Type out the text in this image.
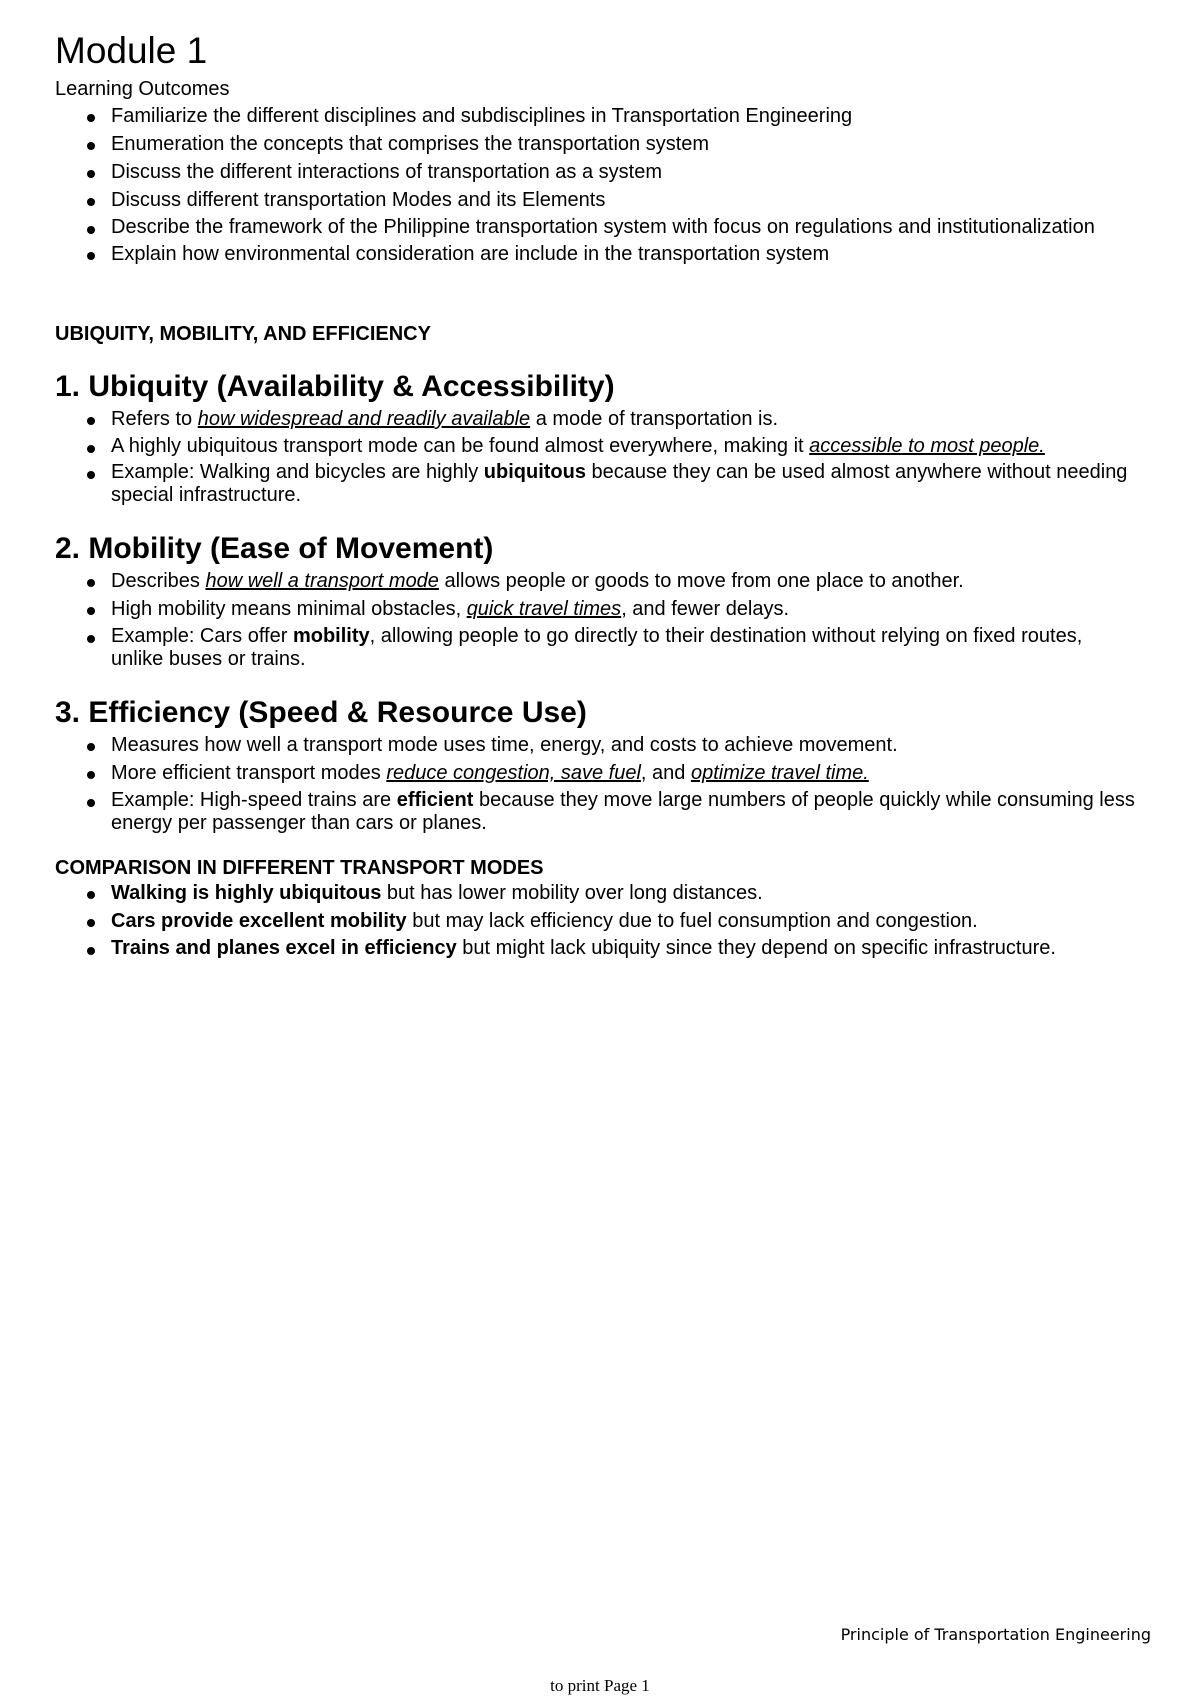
Module 1

Learning Outcomes

Familiarize the different disciplines and subdisciplines in Transportation Engineering
Enumeration the concepts that comprises the transportation system
Discuss the different interactions of transportation as a system
Discuss different transportation Modes and its Elements
Describe the framework of the Philippine transportation system with focus on regulations and institutionalization
Explain how environmental consideration are include in the transportation system

UBIQUITY, MOBILITY, AND EFFICIENCY

1. Ubiquity (Availability & Accessibility)
Refers to how widespread and readily available a mode of transportation is.
A highly ubiquitous transport mode can be found almost everywhere, making it accessible to most people.
Example: Walking and bicycles are highly ubiquitous because they can be used almost anywhere without needing special infrastructure.
2. Mobility (Ease of Movement)
Describes how well a transport mode allows people or goods to move from one place to another.
High mobility means minimal obstacles, quick travel times, and fewer delays.
Example: Cars offer mobility, allowing people to go directly to their destination without relying on fixed routes, unlike buses or trains.
3. Efficiency (Speed & Resource Use)
Measures how well a transport mode uses time, energy, and costs to achieve movement.
More efficient transport modes reduce congestion, save fuel, and optimize travel time.
Example: High-speed trains are efficient because they move large numbers of people quickly while consuming less energy per passenger than cars or planes.

COMPARISON IN DIFFERENT TRANSPORT MODES

Walking is highly ubiquitous but has lower mobility over long distances.
Cars provide excellent mobility but may lack efficiency due to fuel consumption and congestion.
Trains and planes excel in efficiency but might lack ubiquity since they depend on specific infrastructure.
Principle of Transportation Engineering
to print Page 1
